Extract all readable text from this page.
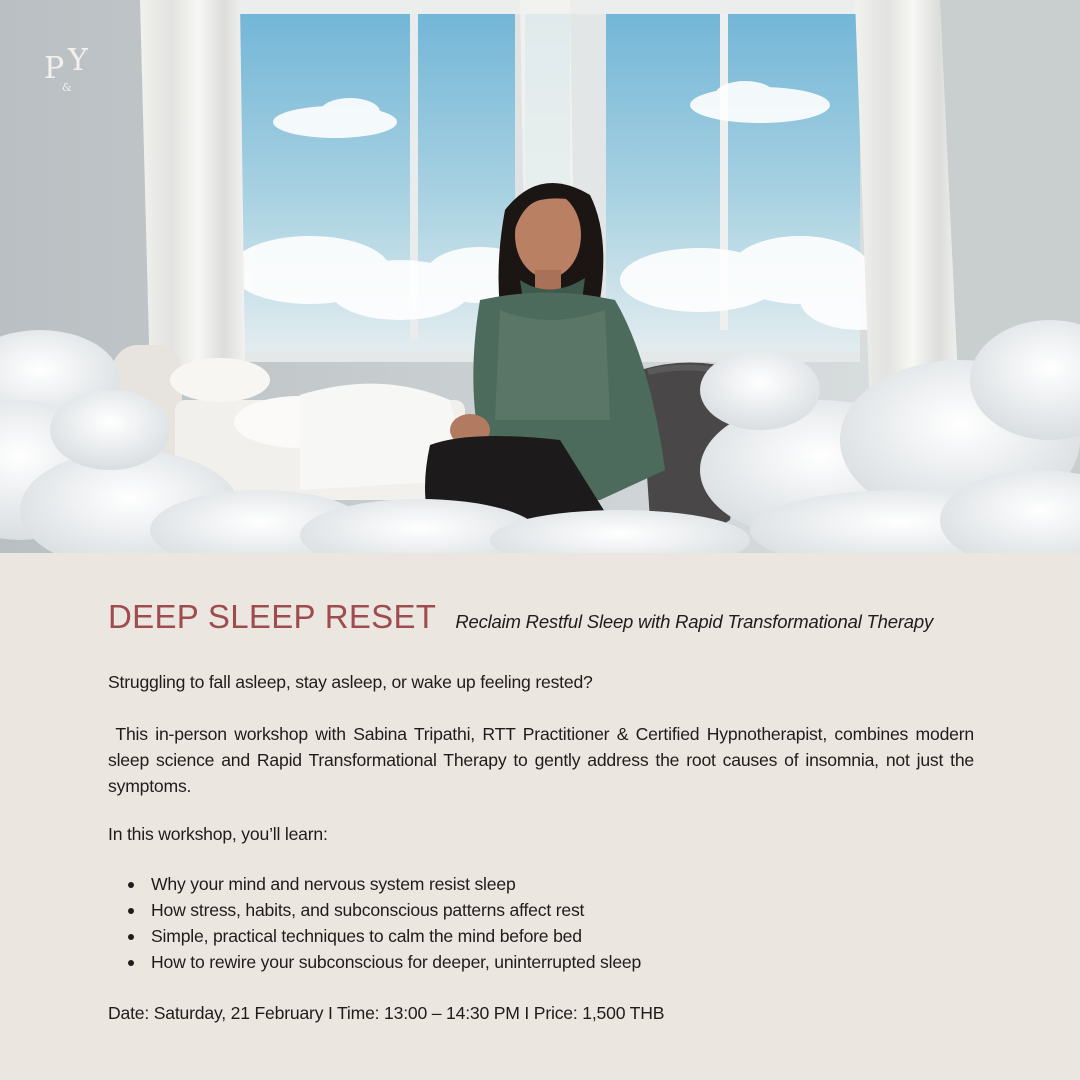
P Y
&
DEEP SLEEP RESET Reclaim Restful Sleep with Rapid Transformational Therapy
Struggling to fall asleep, stay asleep, or wake up feeling rested?
This in-person workshop with Sabina Tripathi, RTT Practitioner & Certified Hypnotherapist, combines modern sleep science and Rapid Transformational Therapy to gently address the root causes of insomnia, not just the symptoms.
In this workshop, you’ll learn:
Why your mind and nervous system resist sleep
How stress, habits, and subconscious patterns affect rest
Simple, practical techniques to calm the mind before bed
How to rewire your subconscious for deeper, uninterrupted sleep
Date: Saturday, 21 February I Time: 13:00 – 14:30 PM I Price: 1,500 THB
